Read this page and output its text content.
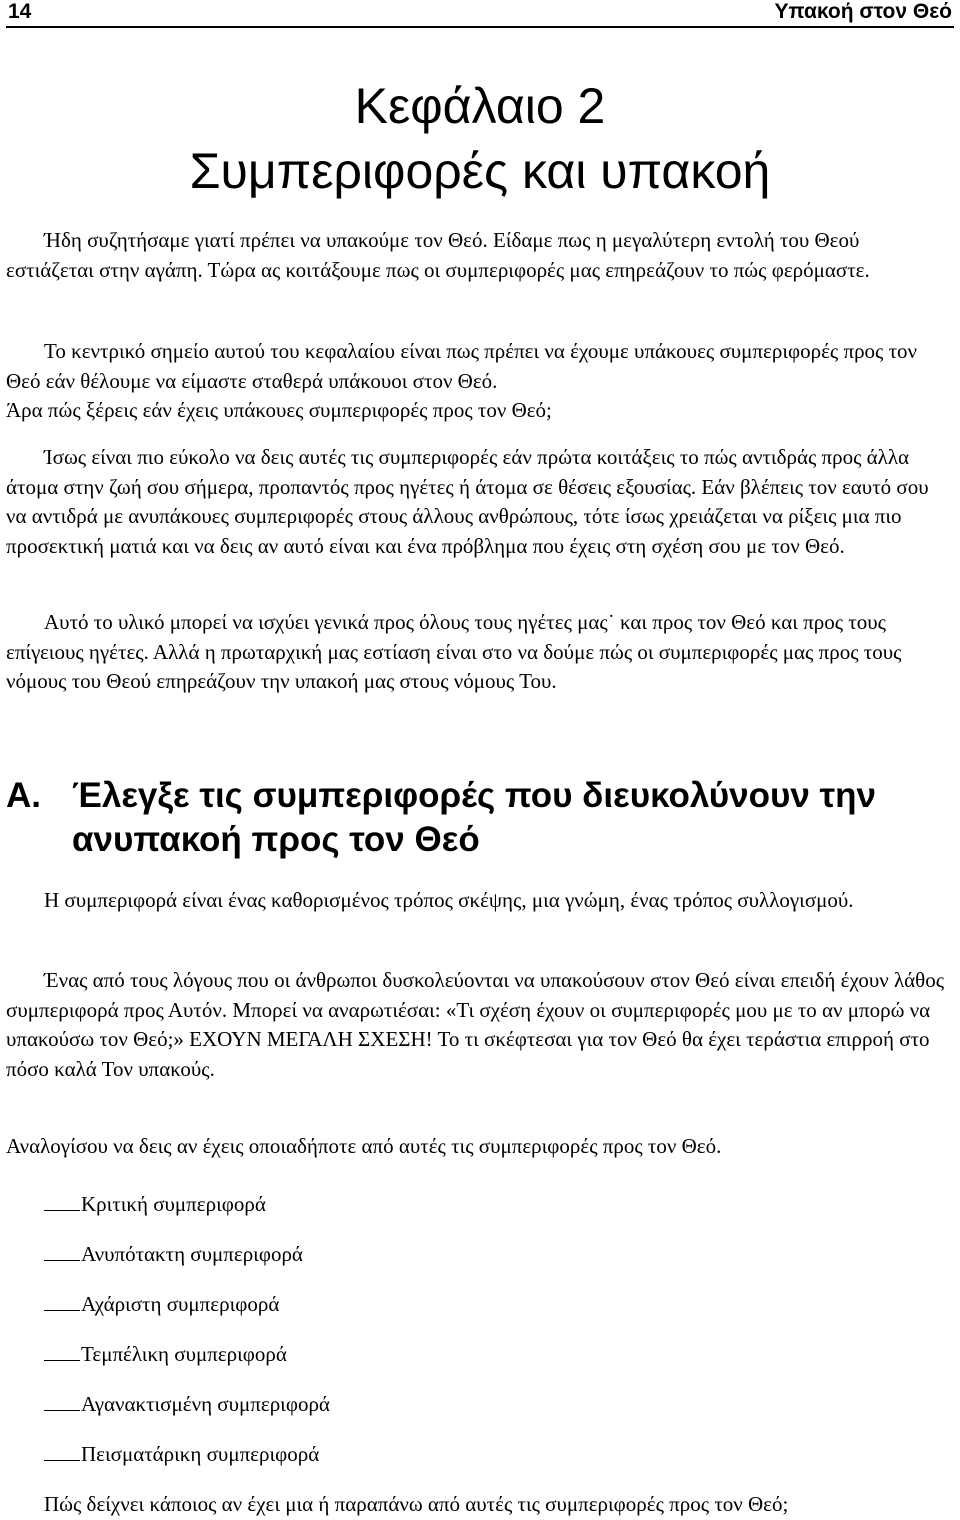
14	Υπακοή στον Θεό
Κεφάλαιο 2
Συμπεριφορές και υπακοή

Ήδη συζητήσαμε γιατί πρέπει να υπακούμε τον Θεό. Είδαμε πως η μεγαλύτερη εντολή του Θεού εστιάζεται στην αγάπη. Τώρα ας κοιτάξουμε πως οι συμπεριφορές μας επηρεάζουν το πώς φερόμαστε.

Το κεντρικό σημείο αυτού του κεφαλαίου είναι πως πρέπει να έχουμε υπάκουες συμπεριφορές προς τον Θεό εάν θέλουμε να είμαστε σταθερά υπάκουοι στον Θεό.

Άρα πώς ξέρεις εάν έχεις υπάκουες συμπεριφορές προς τον Θεό;

Ίσως είναι πιο εύκολο να δεις αυτές τις συμπεριφορές εάν πρώτα κοιτάξεις το πώς αντιδράς προς άλλα άτομα στην ζωή σου σήμερα, προπαντός προς ηγέτες ή άτομα σε θέσεις εξουσίας. Εάν βλέπεις τον εαυτό σου να αντιδρά με ανυπάκουες συμπεριφορές στους άλλους ανθρώπους, τότε ίσως χρειάζεται να ρίξεις μια πιο προσεκτική ματιά και να δεις αν αυτό είναι και ένα πρόβλημα που έχεις στη σχέση σου με τον Θεό.

Αυτό το υλικό μπορεί να ισχύει γενικά προς όλους τους ηγέτες μας˙ και προς τον Θεό και προς τους επίγειους ηγέτες. Αλλά η πρωταρχική μας εστίαση είναι στο να δούμε πώς οι συμπεριφορές μας προς τους νόμους του Θεού επηρεάζουν την υπακοή μας στους νόμους Του.

Α. Έλεγξε τις συμπεριφορές που διευκολύνουν την ανυπακοή προς τον Θεό

Η συμπεριφορά είναι ένας καθορισμένος τρόπος σκέψης, μια γνώμη, ένας τρόπος συλλογισμού.

Ένας από τους λόγους που οι άνθρωποι δυσκολεύονται να υπακούσουν στον Θεό είναι επειδή έχουν λάθος συμπεριφορά προς Αυτόν. Μπορεί να αναρωτιέσαι: «Τι σχέση έχουν οι συμπεριφορές μου με το αν μπορώ να υπακούσω τον Θεό;» ΕΧΟΥΝ ΜΕΓΑΛΗ ΣΧΕΣΗ! Το τι σκέφτεσαι για τον Θεό θα έχει τεράστια επιρροή στο πόσο καλά Τον υπακούς.

Αναλογίσου να δεις αν έχεις οποιαδήποτε από αυτές τις συμπεριφορές προς τον Θεό.

Κριτική συμπεριφορά
Ανυπότακτη συμπεριφορά
Αχάριστη συμπεριφορά
Τεμπέλικη συμπεριφορά
Αγανακτισμένη συμπεριφορά
Πεισματάρικη συμπεριφορά

Πώς δείχνει κάποιος αν έχει μια ή παραπάνω από αυτές τις συμπεριφορές προς τον Θεό;
